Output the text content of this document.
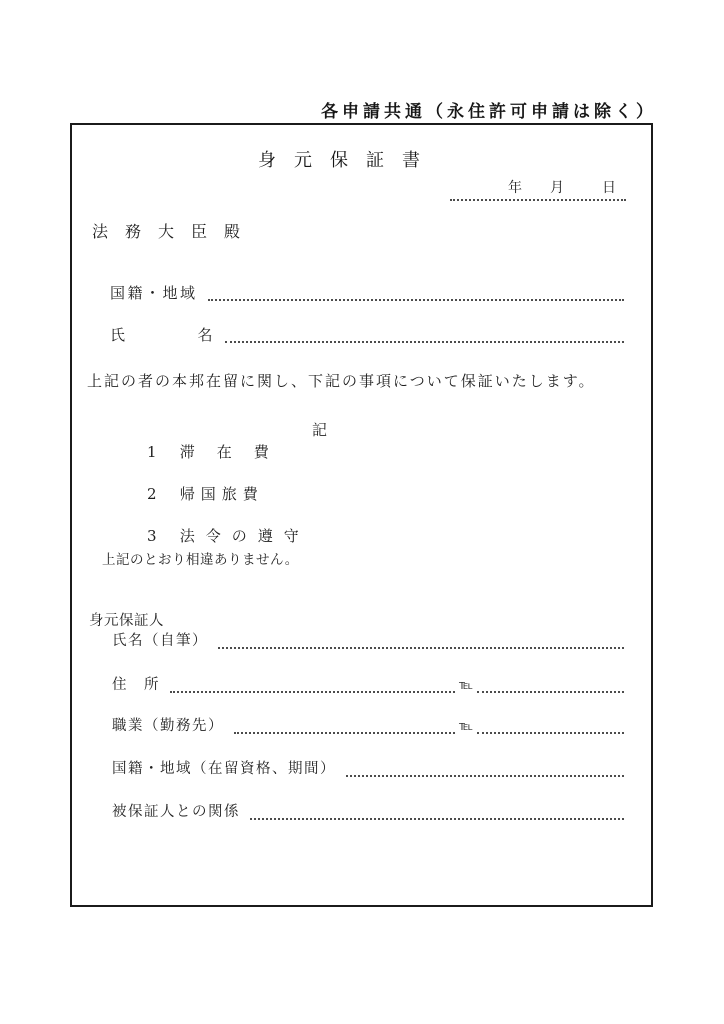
各申請共通（永住許可申請は除く）
身　元　保　証　書
年 月	日
法　務　大　臣　殿
国籍・地域
氏　　　　名
上記の者の本邦在留に関し、下記の事項について保証いたします。
記
1 滞在費
2 帰国旅費
3 法令の遵守
上記のとおり相違ありません。
身元保証人
氏名（自筆）
住　所	℡
職業（勤務先）	℡
国籍・地域（在留資格、期間）
被保証人との関係
